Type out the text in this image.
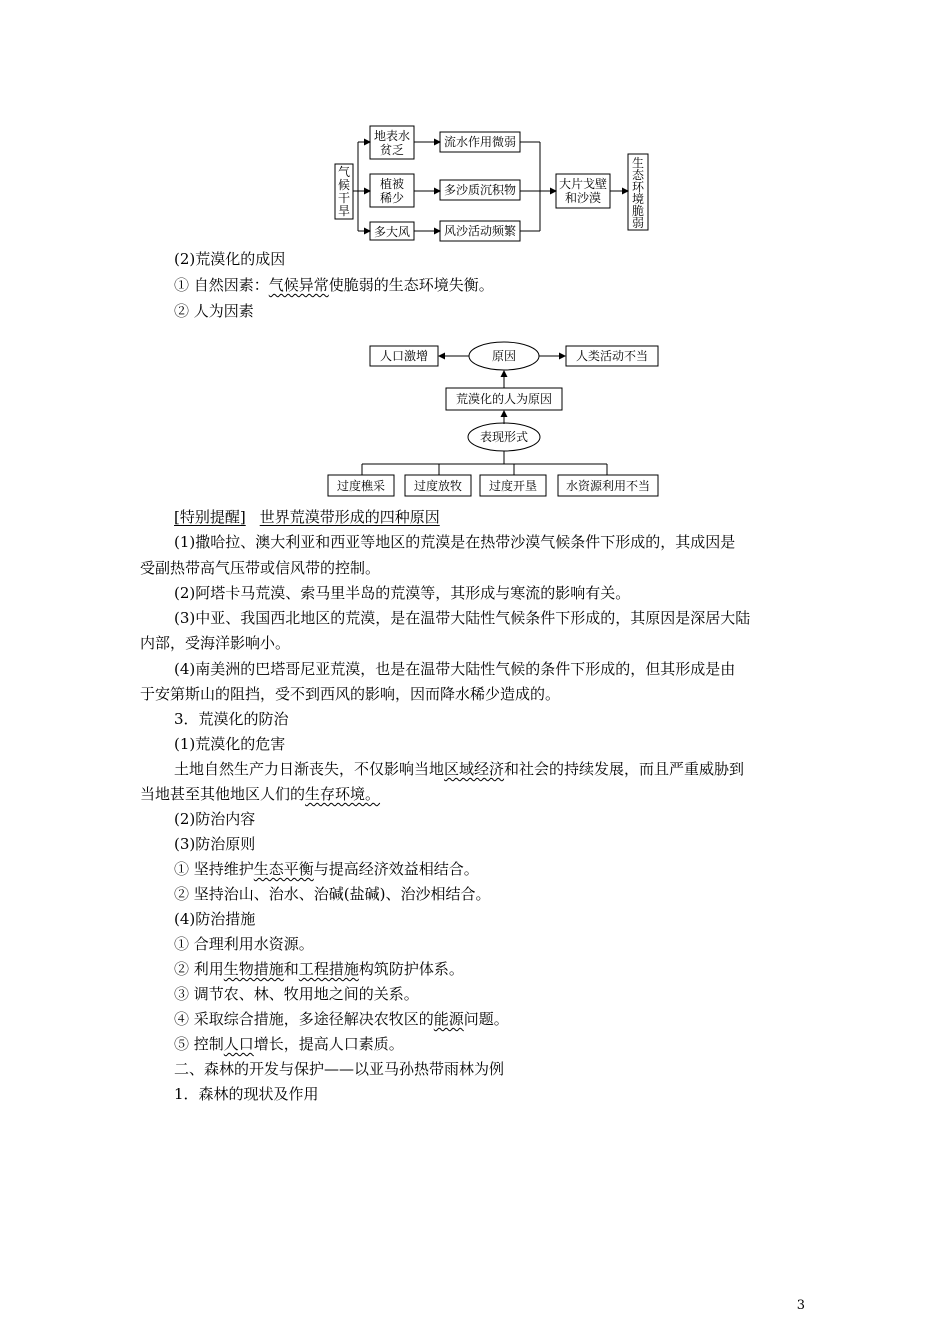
气
候
干
旱
地表水
贫乏
植被
稀少
多大风
流水作用微弱
多沙质沉积物
风沙活动频繁
大片戈壁
和沙漠
生
态
环
境
脆
弱
(2)荒漠化的成因
① 自然因素：气候异常使脆弱的生态环境失衡。
② 人为因素
原因
人口激增	人类活动不当
荒漠化的人为原因
表现形式
过度樵采 过度放牧 过度开垦 水资源利用不当
[特别提醒] 世界荒漠带形成的四种原因
(1)撒哈拉、澳大利亚和西亚等地区的荒漠是在热带沙漠气候条件下形成的，其成因是
受副热带高气压带或信风带的控制。
(2)阿塔卡马荒漠、索马里半岛的荒漠等，其形成与寒流的影响有关。
(3)中亚、我国西北地区的荒漠，是在温带大陆性气候条件下形成的，其原因是深居大陆
内部，受海洋影响小。
(4)南美洲的巴塔哥尼亚荒漠，也是在温带大陆性气候的条件下形成的，但其形成是由
于安第斯山的阻挡，受不到西风的影响，因而降水稀少造成的。
3．荒漠化的防治
(1)荒漠化的危害
土地自然生产力日渐丧失，不仅影响当地区域经济和社会的持续发展，而且严重威胁到
当地甚至其他地区人们的生存环境。
(2)防治内容
(3)防治原则
① 坚持维护生态平衡与提高经济效益相结合。
② 坚持治山、治水、治碱(盐碱)、治沙相结合。
(4)防治措施
① 合理利用水资源。
② 利用生物措施和工程措施构筑防护体系。
③ 调节农、林、牧用地之间的关系。
④ 采取综合措施，多途径解决农牧区的能源问题。
⑤ 控制人口增长，提高人口素质。
二、森林的开发与保护——以亚马孙热带雨林为例
1．森林的现状及作用
3
